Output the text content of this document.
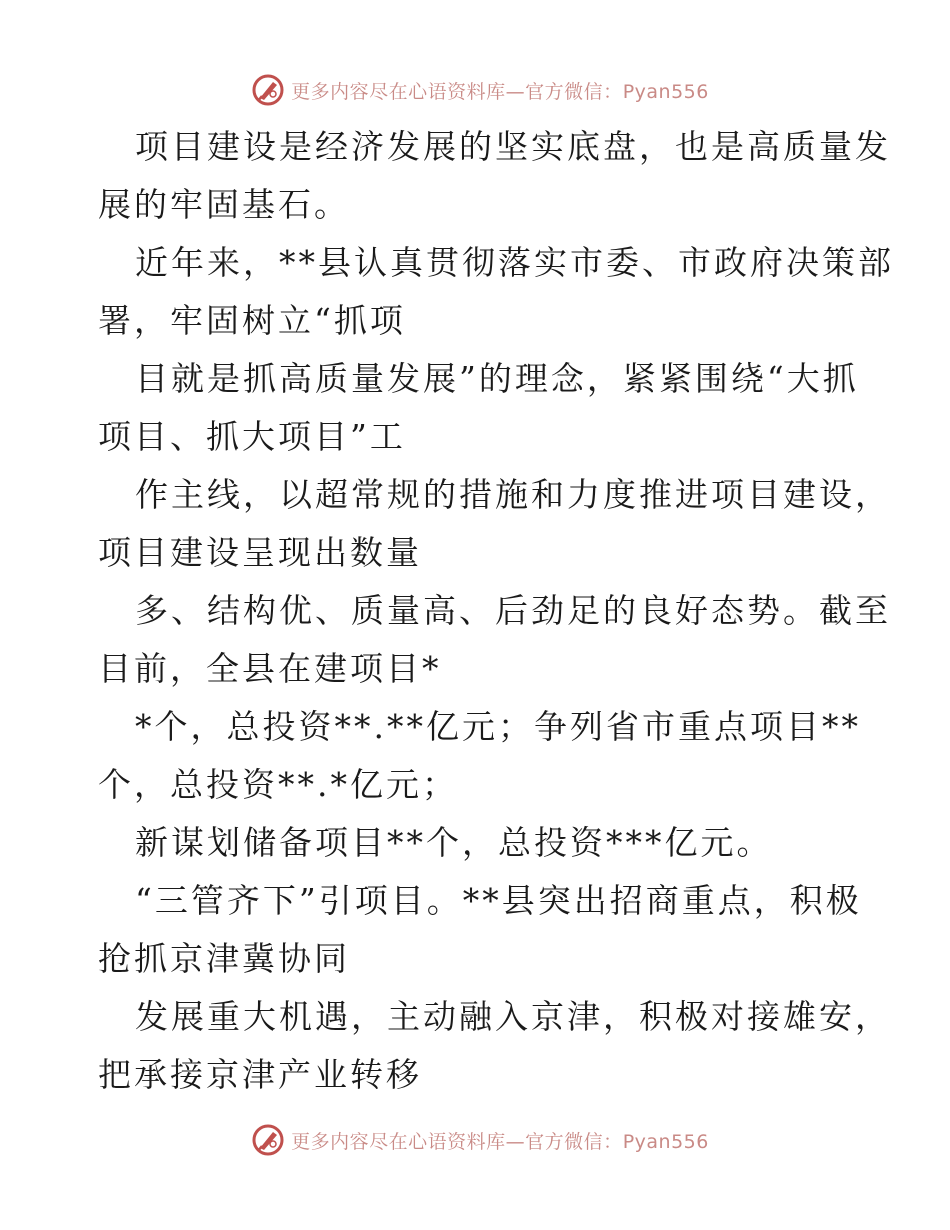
更多内容尽在心语资料库—官方微信：Pyan556
项目建设是经济发展的坚实底盘，也是高质量发
展的牢固基石。
近年来，**县认真贯彻落实市委、市政府决策部
署，牢固树立“抓项
目就是抓高质量发展”的理念，紧紧围绕“大抓
项目、抓大项目”工
作主线，以超常规的措施和力度推进项目建设，
项目建设呈现出数量
多、结构优、质量高、后劲足的良好态势。截至
目前，全县在建项目*
*个，总投资**.**亿元；争列省市重点项目**
个，总投资**.*亿元；
新谋划储备项目**个，总投资***亿元。
“三管齐下”引项目。**县突出招商重点，积极
抢抓京津冀协同
发展重大机遇，主动融入京津，积极对接雄安，
把承接京津产业转移
更多内容尽在心语资料库—官方微信：Pyan556
